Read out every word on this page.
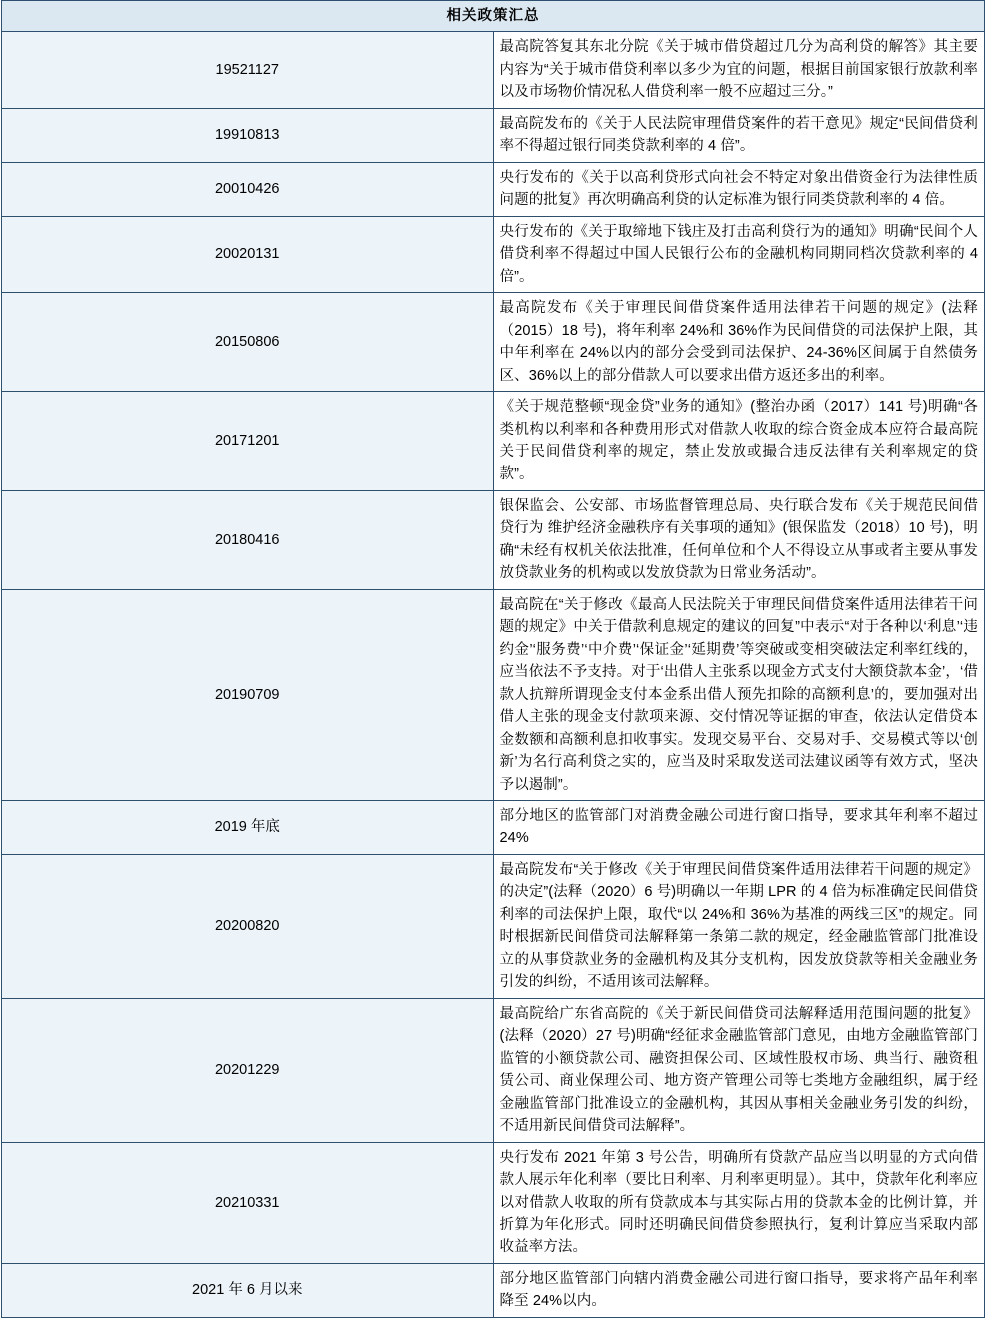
相关政策汇总	
19521127	最高院答复其东北分院《关于城市借贷超过几分为高利贷的解答》其主要内容为“关于城市借贷利率以多少为宜的问题，根据目前国家银行放款利率以及市场物价情况私人借贷利率一般不应超过三分。”
19910813	最高院发布的《关于人民法院审理借贷案件的若干意见》规定“民间借贷利率不得超过银行同类贷款利率的 4 倍”。
20010426	央行发布的《关于以高利贷形式向社会不特定对象出借资金行为法律性质问题的批复》再次明确高利贷的认定标准为银行同类贷款利率的 4 倍。
20020131	央行发布的《关于取缔地下钱庄及打击高利贷行为的通知》明确“民间个人借贷利率不得超过中国人民银行公布的金融机构同期同档次贷款利率的 4 倍”。
20150806	最高院发布《关于审理民间借贷案件适用法律若干问题的规定》(法释（2015）18 号)，将年利率 24%和 36%作为民间借贷的司法保护上限，其中年利率在 24%以内的部分会受到司法保护、24-36%区间属于自然债务区、36%以上的部分借款人可以要求出借方返还多出的利率。
20171201	《关于规范整顿“现金贷”业务的通知》(整治办函（2017）141 号)明确“各类机构以利率和各种费用形式对借款人收取的综合资金成本应符合最高院关于民间借贷利率的规定，禁止发放或撮合违反法律有关利率规定的贷款”。
20180416	银保监会、公安部、市场监督管理总局、央行联合发布《关于规范民间借贷行为 维护经济金融秩序有关事项的通知》(银保监发（2018）10 号)，明确“未经有权机关依法批准，任何单位和个人不得设立从事或者主要从事发放贷款业务的机构或以发放贷款为日常业务活动”。
20190709	最高院在“关于修改《最高人民法院关于审理民间借贷案件适用法律若干问题的规定》中关于借款利息规定的建议的回复”中表示“对于各种以‘利息’‘违约金’‘服务费’‘中介费’‘保证金’‘延期费’等突破或变相突破法定利率红线的，应当依法不予支持。对于‘出借人主张系以现金方式支付大额贷款本金’，‘借款人抗辩所谓现金支付本金系出借人预先扣除的高额利息’的，要加强对出借人主张的现金支付款项来源、交付情况等证据的审查，依法认定借贷本金数额和高额利息扣收事实。发现交易平台、交易对手、交易模式等以‘创新’为名行高利贷之实的，应当及时采取发送司法建议函等有效方式，坚决予以遏制”。
2019 年底	部分地区的监管部门对消费金融公司进行窗口指导，要求其年利率不超过 24%
20200820	最高院发布“关于修改《关于审理民间借贷案件适用法律若干问题的规定》的决定”(法释（2020）6 号)明确以一年期 LPR 的 4 倍为标准确定民间借贷利率的司法保护上限，取代“以 24%和 36%为基准的两线三区”的规定。同时根据新民间借贷司法解释第一条第二款的规定，经金融监管部门批准设立的从事贷款业务的金融机构及其分支机构，因发放贷款等相关金融业务引发的纠纷，不适用该司法解释。
20201229	最高院给广东省高院的《关于新民间借贷司法解释适用范围问题的批复》(法释（2020）27 号)明确“经征求金融监管部门意见，由地方金融监管部门监管的小额贷款公司、融资担保公司、区域性股权市场、典当行、融资租赁公司、商业保理公司、地方资产管理公司等七类地方金融组织，属于经金融监管部门批准设立的金融机构，其因从事相关金融业务引发的纠纷，不适用新民间借贷司法解释”。
20210331	央行发布 2021 年第 3 号公告，明确所有贷款产品应当以明显的方式向借款人展示年化利率（要比日利率、月利率更明显）。其中，贷款年化利率应以对借款人收取的所有贷款成本与其实际占用的贷款本金的比例计算，并折算为年化形式。同时还明确民间借贷参照执行，复利计算应当采取内部收益率方法。
2021 年 6 月以来	部分地区监管部门向辖内消费金融公司进行窗口指导，要求将产品年利率降至 24%以内。
